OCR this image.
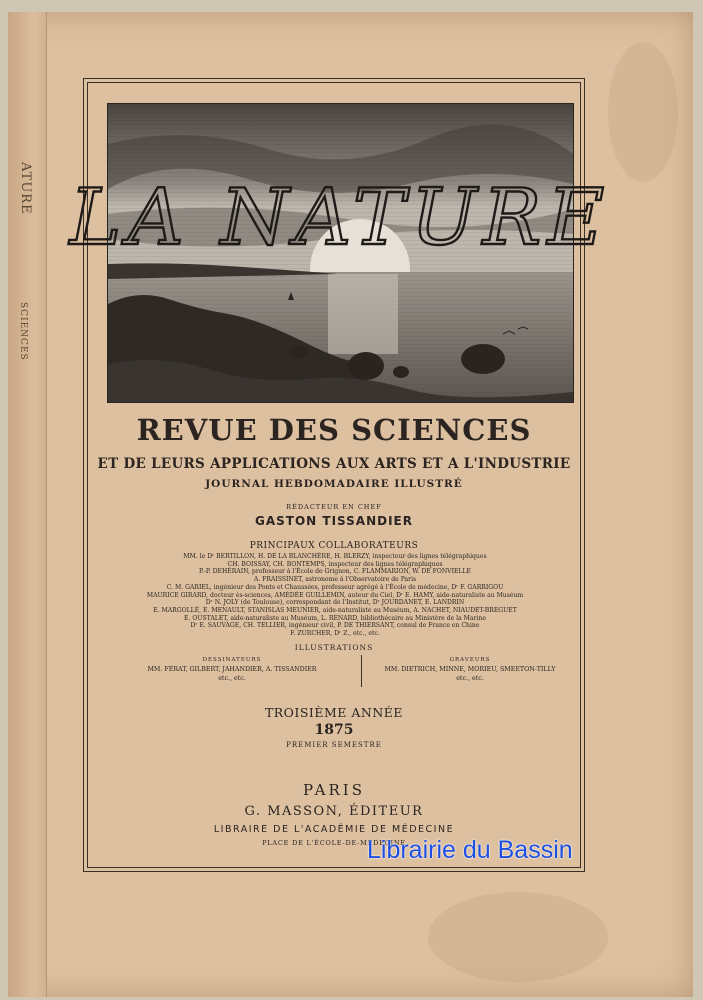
ATURE
SCIENCES
LA NATURE
REVUE DES SCIENCES
ET DE LEURS APPLICATIONS AUX ARTS ET A L'INDUSTRIE
JOURNAL HEBDOMADAIRE ILLUSTRÉ
RÉDACTEUR EN CHEF
GASTON TISSANDIER
PRINCIPAUX COLLABORATEURS
MM. le Dʳ BERTILLON, H. DE LA BLANCHÈRE, H. BLERZY, inspecteur des lignes télégraphiques
CH. BOISSAY, CH. BONTEMPS, inspecteur des lignes télégraphiques
P.-P. DEHÉRAIN, professeur à l'École de Grignon, C. FLAMMARION, W. DE FONVIELLE
A. FRAISSINET, astronome à l'Observatoire de Paris
C. M. GARIEL, ingénieur des Ponts et Chaussées, professeur agrégé à l'École de médecine, Dʳ F. GARRIGOU
MAURICE GIRARD, docteur ès-sciences, AMÉDÉE GUILLEMIN, auteur du Ciel, Dʳ E. HAMY, aide-naturaliste au Muséum
Dʳ N. JOLY (de Toulouse), correspondant de l'Institut, Dʳ JOURDANET, E. LANDRIN
E. MARGOLLÉ, E. MENAULT, STANISLAS MEUNIER, aide-naturaliste au Muséum, A. NACHET, NIAUDET-BREGUET
E. OUSTALET, aide-naturaliste au Muséum, L. RENARD, bibliothécaire au Ministère de la Marine
Dʳ E. SAUVAGE, CH. TELLIER, ingénieur civil, P. DE THIERSANT, consul de France en Chine
F. ZURCHER, Dʳ Z., etc., etc.
ILLUSTRATIONS
DESSINATEURS
MM. FÉRAT, GILBERT, JAHANDIER, A. TISSANDIER
etc., etc.
GRAVEURS
MM. DIETRICH, MINNE, MORIEU, SMEETON-TILLY
etc., etc.
TROISIÈME ANNÉE
1875
PREMIER SEMESTRE
PARIS
G. MASSON, ÉDITEUR
LIBRAIRE DE L'ACADÉMIE DE MÉDECINE
PLACE DE L'ÉCOLE-DE-MÉDECINE
Librairie du Bassin
